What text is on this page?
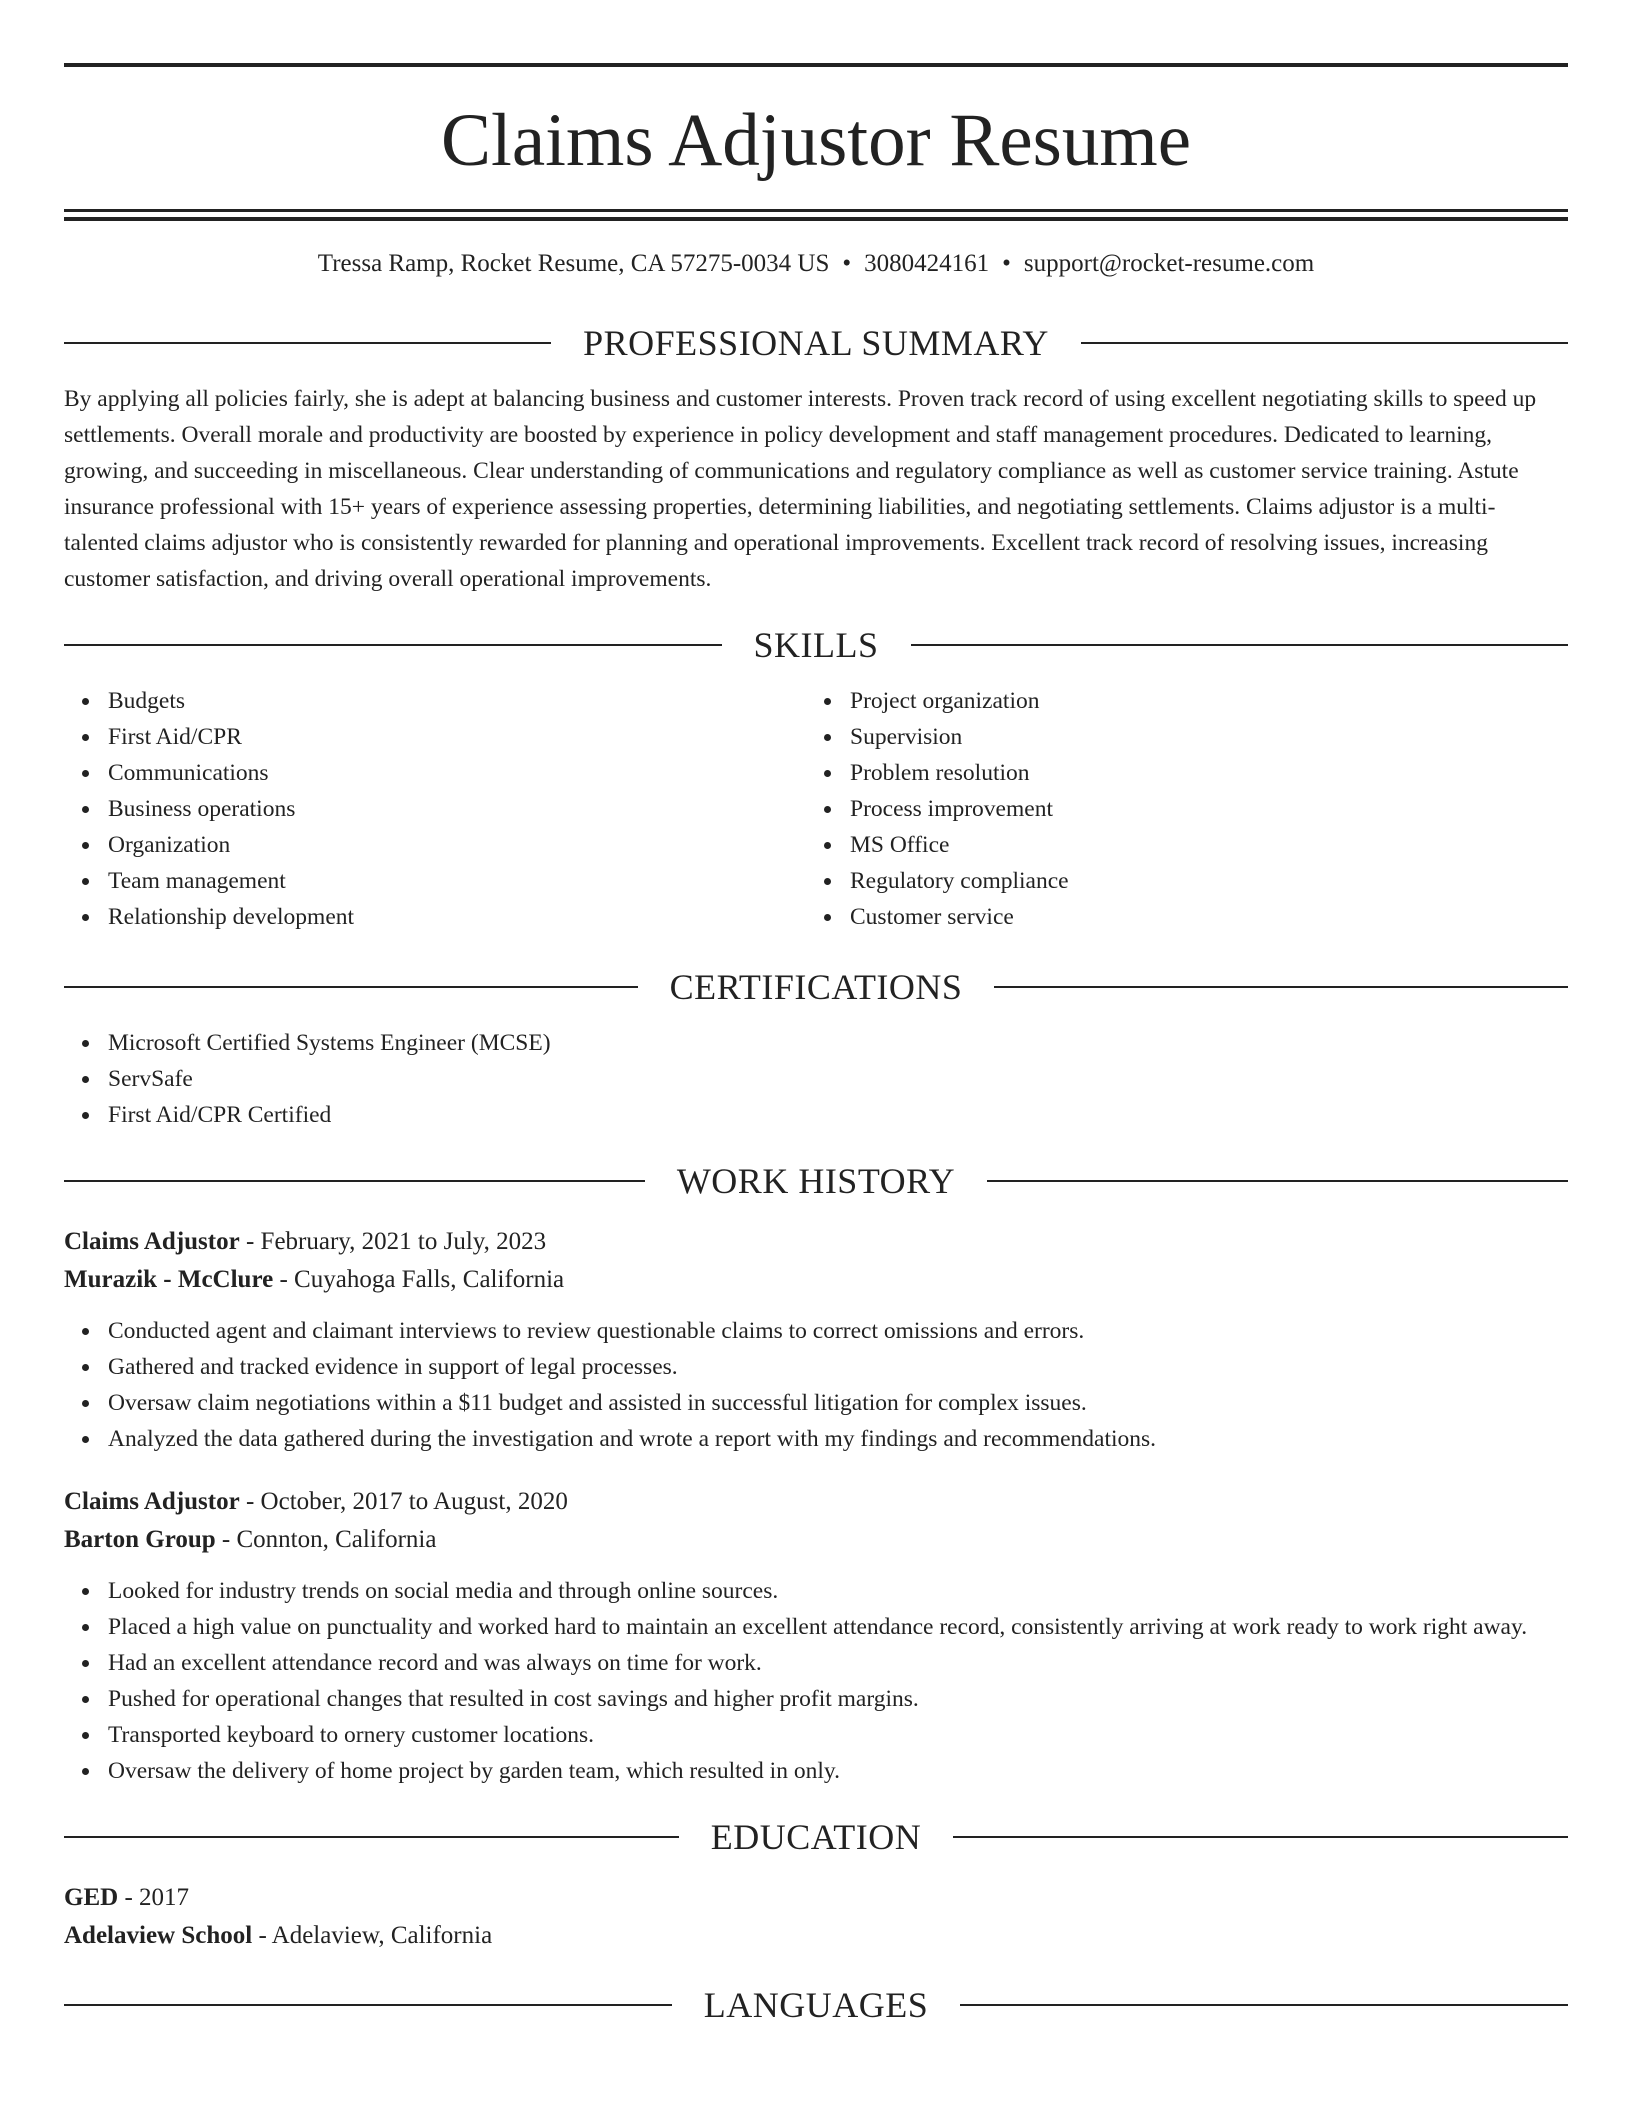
Claims Adjustor Resume
Tressa Ramp, Rocket Resume, CA 57275-0034 US • 3080424161 • support@rocket-resume.com
PROFESSIONAL SUMMARY
By applying all policies fairly, she is adept at balancing business and customer interests. Proven track record of using excellent negotiating skills to speed up settlements. Overall morale and productivity are boosted by experience in policy development and staff management procedures. Dedicated to learning, growing, and succeeding in miscellaneous. Clear understanding of communications and regulatory compliance as well as customer service training. Astute insurance professional with 15+ years of experience assessing properties, determining liabilities, and negotiating settlements. Claims adjustor is a multi-talented claims adjustor who is consistently rewarded for planning and operational improvements. Excellent track record of resolving issues, increasing customer satisfaction, and driving overall operational improvements.
SKILLS
Budgets
First Aid/CPR
Communications
Business operations
Organization
Team management
Relationship development
Project organization
Supervision
Problem resolution
Process improvement
MS Office
Regulatory compliance
Customer service
CERTIFICATIONS
Microsoft Certified Systems Engineer (MCSE)
ServSafe
First Aid/CPR Certified
WORK HISTORY
Claims Adjustor - February, 2021 to July, 2023
Murazik - McClure - Cuyahoga Falls, California
Conducted agent and claimant interviews to review questionable claims to correct omissions and errors.
Gathered and tracked evidence in support of legal processes.
Oversaw claim negotiations within a $11 budget and assisted in successful litigation for complex issues.
Analyzed the data gathered during the investigation and wrote a report with my findings and recommendations.
Claims Adjustor - October, 2017 to August, 2020
Barton Group - Connton, California
Looked for industry trends on social media and through online sources.
Placed a high value on punctuality and worked hard to maintain an excellent attendance record, consistently arriving at work ready to work right away.
Had an excellent attendance record and was always on time for work.
Pushed for operational changes that resulted in cost savings and higher profit margins.
Transported keyboard to ornery customer locations.
Oversaw the delivery of home project by garden team, which resulted in only.
EDUCATION
GED - 2017
Adelaview School - Adelaview, California
LANGUAGES
